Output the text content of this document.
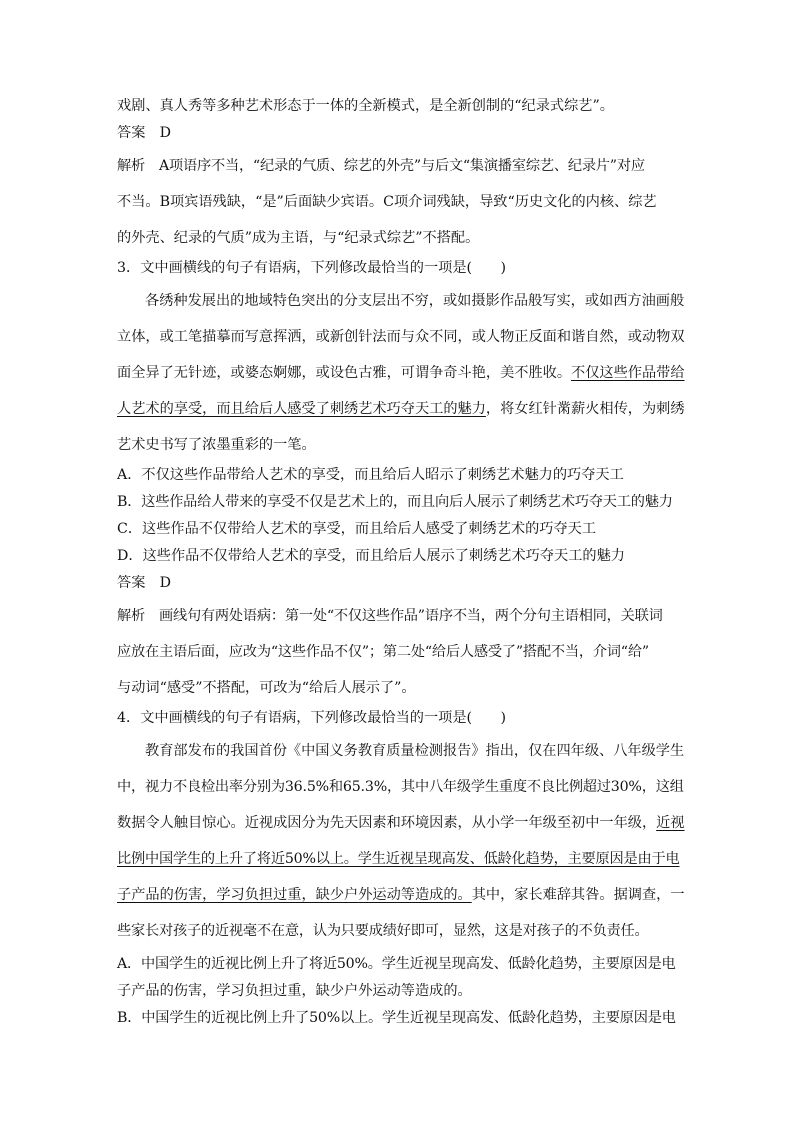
戏剧、真人秀等多种艺术形态于一体的全新模式，是全新创制的“纪录式综艺”。
答案　D
解析　A项语序不当，“纪录的气质、综艺的外壳”与后文“集演播室综艺、纪录片”对应
不当。B项宾语残缺，“是”后面缺少宾语。C项介词残缺，导致“历史文化的内核、综艺
的外壳、纪录的气质”成为主语，与“纪录式综艺”不搭配。
3．文中画横线的句子有语病，下列修改最恰当的一项是(　　)
各绣种发展出的地域特色突出的分支层出不穷，或如摄影作品般写实，或如西方油画般
立体，或工笔描摹而写意挥洒，或新创针法而与众不同，或人物正反面和谐自然，或动物双
面全异了无针迹，或婆态婀娜，或设色古雅，可谓争奇斗艳，美不胜收。不仅这些作品带给
人艺术的享受，而且给后人感受了刺绣艺术巧夺天工的魅力，将女红针黹薪火相传，为刺绣
艺术史书写了浓墨重彩的一笔。
A．不仅这些作品带给人艺术的享受，而且给后人昭示了刺绣艺术魅力的巧夺天工
B．这些作品给人带来的享受不仅是艺术上的，而且向后人展示了刺绣艺术巧夺天工的魅力
C．这些作品不仅带给人艺术的享受，而且给后人感受了刺绣艺术的巧夺天工
D．这些作品不仅带给人艺术的享受，而且给后人展示了刺绣艺术巧夺天工的魅力
答案　D
解析　画线句有两处语病：第一处“不仅这些作品”语序不当，两个分句主语相同，关联词
应放在主语后面，应改为“这些作品不仅”；第二处“给后人感受了”搭配不当，介词“给”
与动词“感受”不搭配，可改为“给后人展示了”。
4．文中画横线的句子有语病，下列修改最恰当的一项是(　　)
教育部发布的我国首份《中国义务教育质量检测报告》指出，仅在四年级、八年级学生
中，视力不良检出率分别为36.5%和65.3%，其中八年级学生重度不良比例超过30%，这组
数据令人触目惊心。近视成因分为先天因素和环境因素，从小学一年级至初中一年级，近视
比例中国学生的上升了将近50%以上。学生近视呈现高发、低龄化趋势，主要原因是由于电
子产品的伤害，学习负担过重，缺少户外运动等造成的。其中，家长难辞其咎。据调查，一
些家长对孩子的近视毫不在意，认为只要成绩好即可，显然，这是对孩子的不负责任。
A．中国学生的近视比例上升了将近50%。学生近视呈现高发、低龄化趋势，主要原因是电
子产品的伤害，学习负担过重，缺少户外运动等造成的。
B．中国学生的近视比例上升了50%以上。学生近视呈现高发、低龄化趋势，主要原因是电
